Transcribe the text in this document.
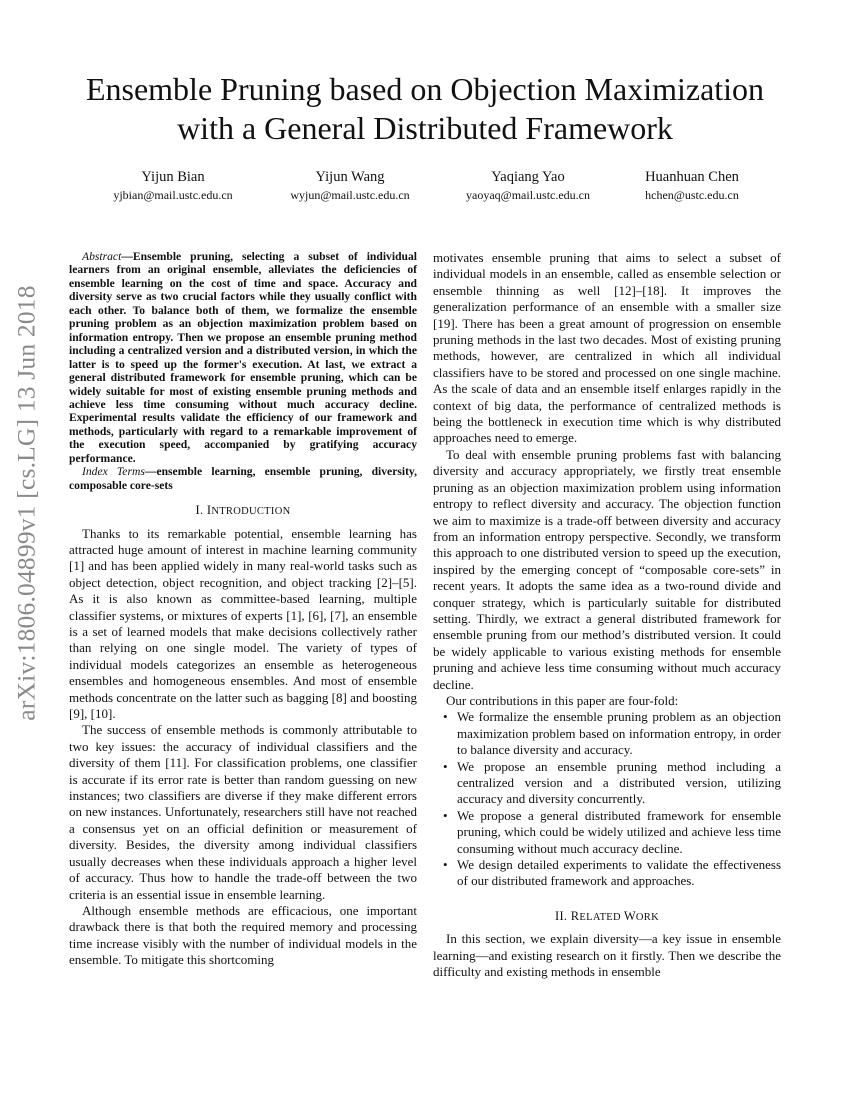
arXiv:1806.04899v1 [cs.LG] 13 Jun 2018
Ensemble Pruning based on Objection Maximization
with a General Distributed Framework
Yijun Bian
yjbian@mail.ustc.edu.cn
Yijun Wang
wyjun@mail.ustc.edu.cn
Yaqiang Yao
yaoyaq@mail.ustc.edu.cn
Huanhuan Chen
hchen@ustc.edu.cn

Abstract—Ensemble pruning, selecting a subset of individual learners from an original ensemble, alleviates the deficiencies of ensemble learning on the cost of time and space. Accuracy and diversity serve as two crucial factors while they usually conflict with each other. To balance both of them, we formalize the ensemble pruning problem as an objection maximization problem based on information entropy. Then we propose an ensemble pruning method including a centralized version and a distributed version, in which the latter is to speed up the former's execution. At last, we extract a general distributed framework for ensemble pruning, which can be widely suitable for most of existing ensemble pruning methods and achieve less time consuming without much accuracy decline. Experimental results validate the efficiency of our framework and methods, particularly with regard to a remarkable improvement of the execution speed, accompanied by gratifying accuracy performance.

Index Terms—ensemble learning, ensemble pruning, diversity, composable core-sets

I. INTRODUCTION

Thanks to its remarkable potential, ensemble learning has attracted huge amount of interest in machine learning community [1] and has been applied widely in many real-world tasks such as object detection, object recognition, and object tracking [2]–[5]. As it is also known as committee-based learning, multiple classifier systems, or mixtures of experts [1], [6], [7], an ensemble is a set of learned models that make decisions collectively rather than relying on one single model. The variety of types of individual models categorizes an ensemble as heterogeneous ensembles and homogeneous ensembles. And most of ensemble methods concentrate on the latter such as bagging [8] and boosting [9], [10].

The success of ensemble methods is commonly attributable to two key issues: the accuracy of individual classifiers and the diversity of them [11]. For classification problems, one classifier is accurate if its error rate is better than random guessing on new instances; two classifiers are diverse if they make different errors on new instances. Unfortunately, researchers still have not reached a consensus yet on an official definition or measurement of diversity. Besides, the diversity among individual classifiers usually decreases when these individuals approach a higher level of accuracy. Thus how to handle the trade-off between the two criteria is an essential issue in ensemble learning.

Although ensemble methods are efficacious, one important drawback there is that both the required memory and processing time increase visibly with the number of individual models in the ensemble. To mitigate this shortcoming

motivates ensemble pruning that aims to select a subset of individual models in an ensemble, called as ensemble selection or ensemble thinning as well [12]–[18]. It improves the generalization performance of an ensemble with a smaller size [19]. There has been a great amount of progression on ensemble pruning methods in the last two decades. Most of existing pruning methods, however, are centralized in which all individual classifiers have to be stored and processed on one single machine. As the scale of data and an ensemble itself enlarges rapidly in the context of big data, the performance of centralized methods is being the bottleneck in execution time which is why distributed approaches need to emerge.

To deal with ensemble pruning problems fast with balancing diversity and accuracy appropriately, we firstly treat ensemble pruning as an objection maximization problem using information entropy to reflect diversity and accuracy. The objection function we aim to maximize is a trade-off between diversity and accuracy from an information entropy perspective. Secondly, we transform this approach to one distributed version to speed up the execution, inspired by the emerging concept of “composable core-sets” in recent years. It adopts the same idea as a two-round divide and conquer strategy, which is particularly suitable for distributed setting. Thirdly, we extract a general distributed framework for ensemble pruning from our method’s distributed version. It could be widely applicable to various existing methods for ensemble pruning and achieve less time consuming without much accuracy decline.

Our contributions in this paper are four-fold:

• We formalize the ensemble pruning problem as an objection maximization problem based on information entropy, in order to balance diversity and accuracy.
• We propose an ensemble pruning method including a centralized version and a distributed version, utilizing accuracy and diversity concurrently.
• We propose a general distributed framework for ensemble pruning, which could be widely utilized and achieve less time consuming without much accuracy decline.
• We design detailed experiments to validate the effectiveness of our distributed framework and approaches.
II. RELATED WORK

In this section, we explain diversity—a key issue in ensemble learning—and existing research on it firstly. Then we describe the difficulty and existing methods in ensemble
